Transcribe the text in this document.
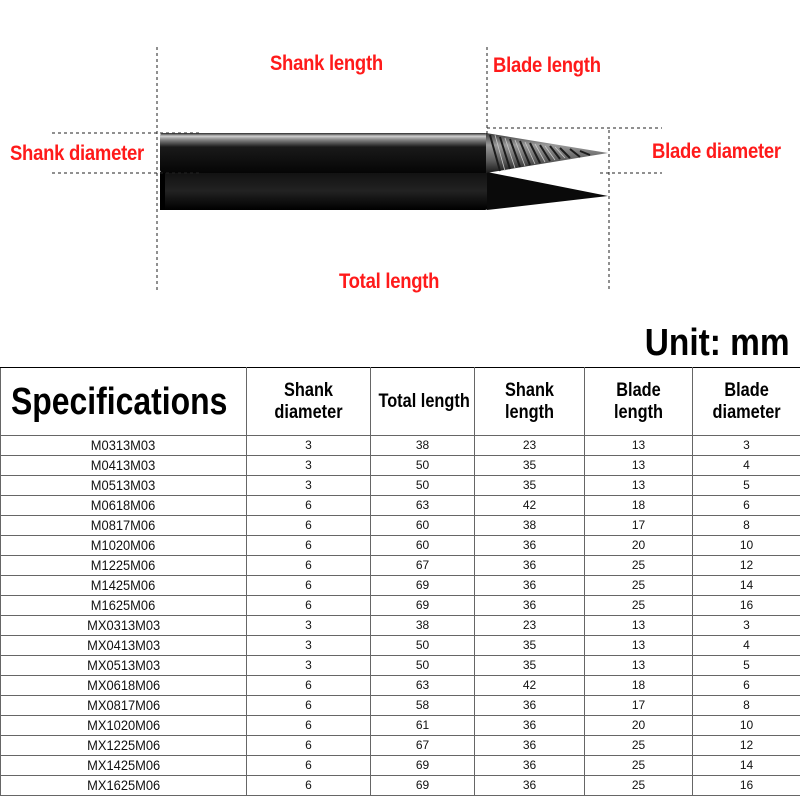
Shank length	Blade length
Shank diameter	Blade diameter
Total length
Unit: mm
Specifications	Shank diameter	Total length	Shank length	Blade length	Blade diameter
M0313M03	3	38	23	13	3
M0413M03	3	50	35	13	4
M0513M03	3	50	35	13	5
M0618M06	6	63	42	18	6
M0817M06	6	60	38	17	8
M1020M06	6	60	36	20	10
M1225M06	6	67	36	25	12
M1425M06	6	69	36	25	14
M1625M06	6	69	36	25	16
MX0313M03	3	38	23	13	3
MX0413M03	3	50	35	13	4
MX0513M03	3	50	35	13	5
MX0618M06	6	63	42	18	6
MX0817M06	6	58	36	17	8
MX1020M06	6	61	36	20	10
MX1225M06	6	67	36	25	12
MX1425M06	6	69	36	25	14
MX1625M06	6	69	36	25	16
